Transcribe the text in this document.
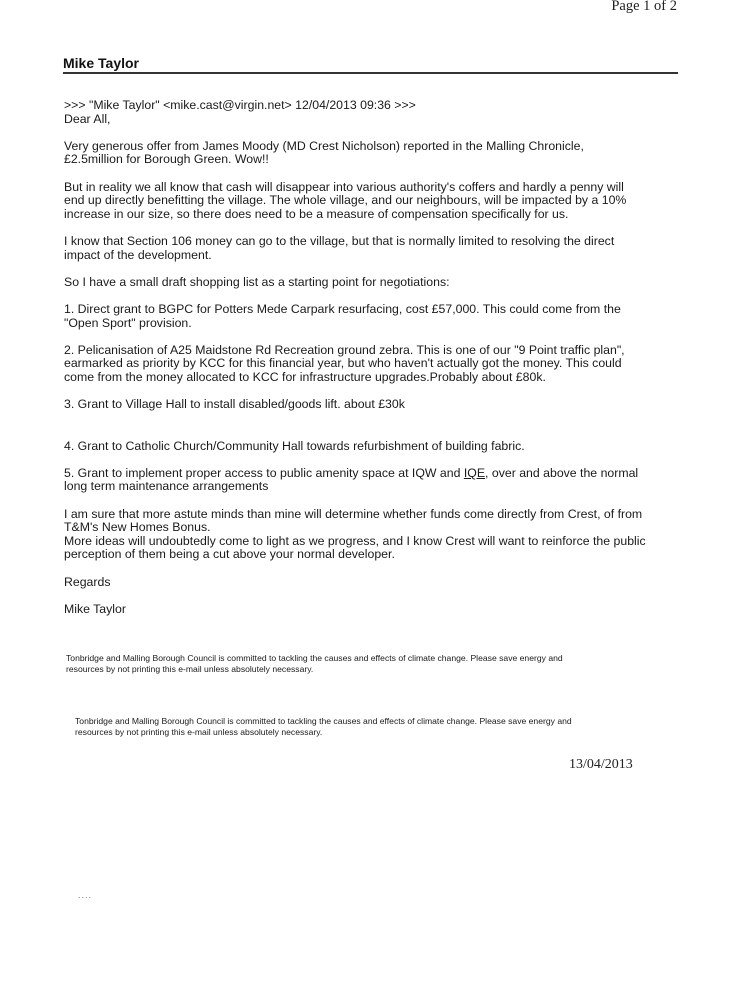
Page 1 of 2
Mike Taylor

>>> "Mike Taylor" <mike.cast@virgin.net> 12/04/2013 09:36 >>>

Dear All,

Very generous offer from James Moody (MD Crest Nicholson) reported in the Malling Chronicle,

£2.5million for Borough Green. Wow!!

But in reality we all know that cash will disappear into various authority's coffers and hardly a penny will

end up directly benefitting the village. The whole village, and our neighbours, will be impacted by a 10%

increase in our size, so there does need to be a measure of compensation specifically for us.

I know that Section 106 money can go to the village, but that is normally limited to resolving the direct

impact of the development.

So I have a small draft shopping list as a starting point for negotiations:

1. Direct grant to BGPC for Potters Mede Carpark resurfacing, cost £57,000. This could come from the

"Open Sport" provision.

2. Pelicanisation of A25 Maidstone Rd Recreation ground zebra. This is one of our "9 Point traffic plan",

earmarked as priority by KCC for this financial year, but who haven't actually got the money. This could

come from the money allocated to KCC for infrastructure upgrades.Probably about £80k.

3. Grant to Village Hall to install disabled/goods lift. about £30k

4. Grant to Catholic Church/Community Hall towards refurbishment of building fabric.

5. Grant to implement proper access to public amenity space at IQW and IQE, over and above the normal

long term maintenance arrangements

I am sure that more astute minds than mine will determine whether funds come directly from Crest, of from

T&M's New Homes Bonus.

More ideas will undoubtedly come to light as we progress, and I know Crest will want to reinforce the public

perception of them being a cut above your normal developer.

Regards

Mike Taylor

Tonbridge and Malling Borough Council is committed to tackling the causes and effects of climate change. Please save energy and
resources by not printing this e-mail unless absolutely necessary.
Tonbridge and Malling Borough Council is committed to tackling the causes and effects of climate change. Please save energy and
resources by not printing this e-mail unless absolutely necessary.
13/04/2013
....
